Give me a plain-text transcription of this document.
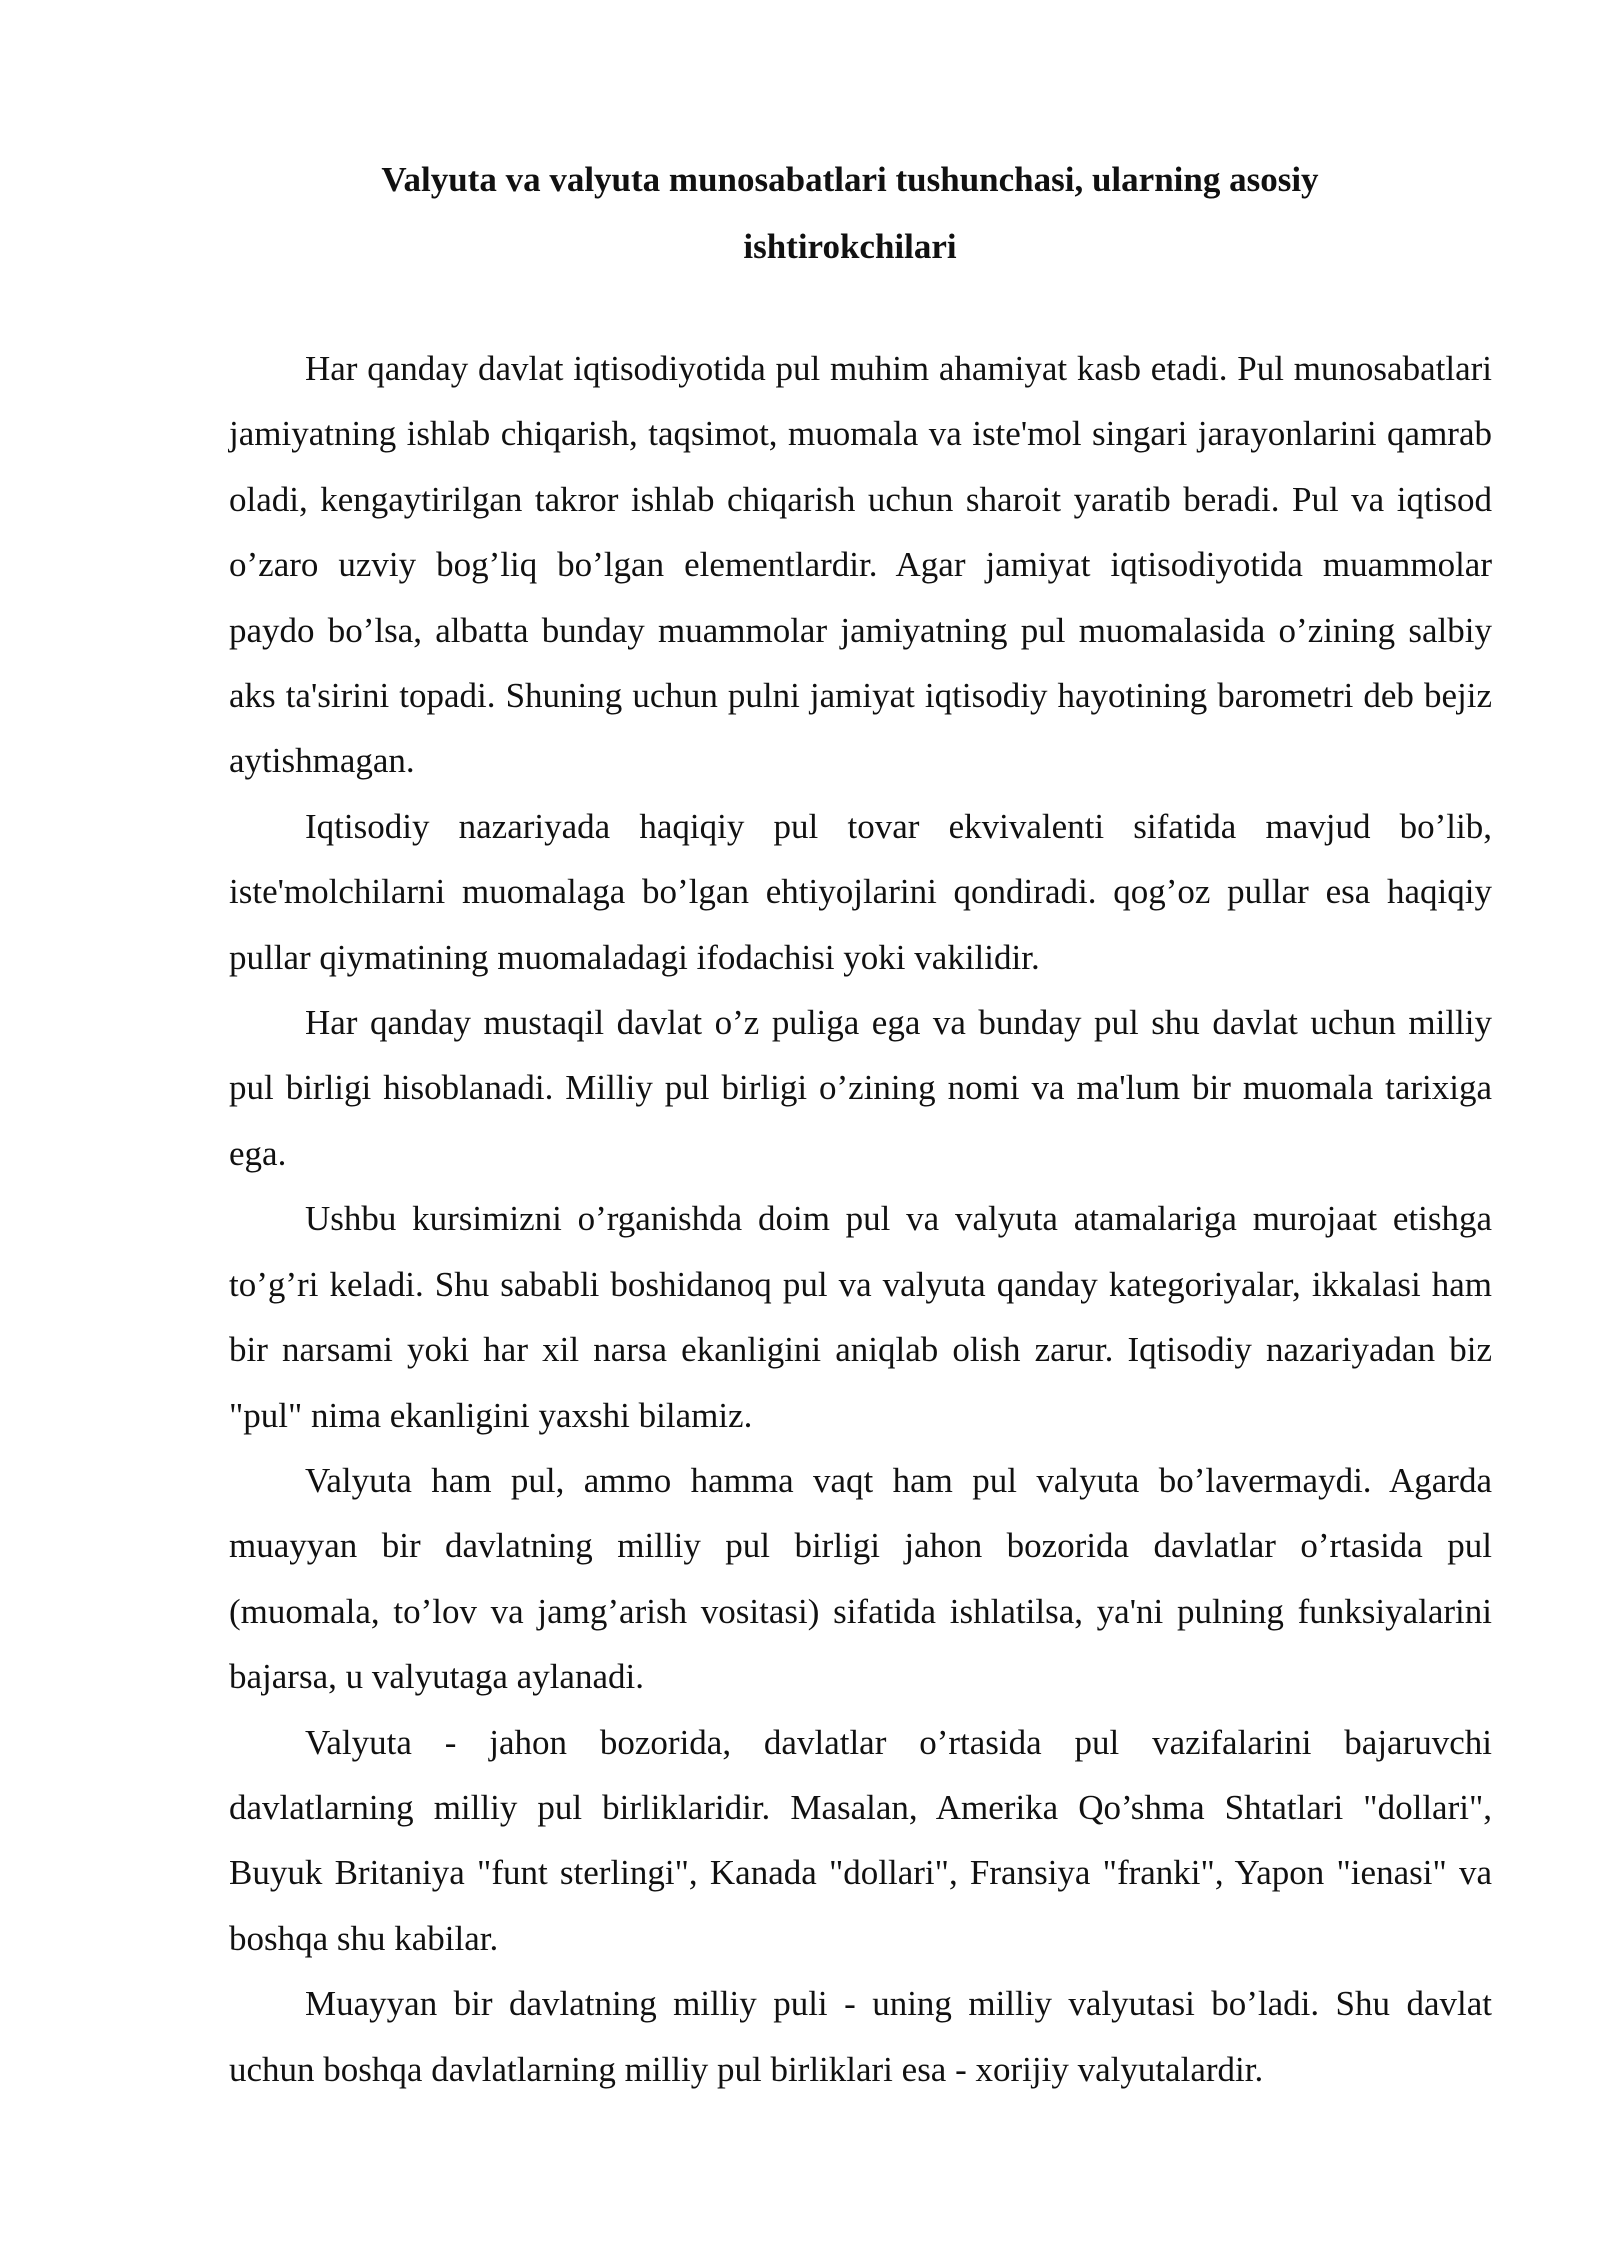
Valyuta va valyuta munosabatlari tushunchasi, ularning asosiy ishtirokchilari

Har qanday davlat iqtisodiyotida pul muhim ahamiyat kasb etadi. Pul munosabatlari jamiyatning ishlab chiqarish, taqsimot, muomala va iste'mol singari jarayonlarini qamrab oladi, kengaytirilgan takror ishlab chiqarish uchun sharoit yaratib beradi. Pul va iqtisod o’zaro uzviy bog’liq bo’lgan elementlardir. Agar jamiyat iqtisodiyotida muammolar paydo bo’lsa, albatta bunday muammolar jamiyatning pul muomalasida o’zining salbiy aks ta'sirini topadi. Shuning uchun pulni jamiyat iqtisodiy hayotining barometri deb bejiz aytishmagan.

Iqtisodiy nazariyada haqiqiy pul tovar ekvivalenti sifatida mavjud bo’lib, iste'molchilarni muomalaga bo’lgan ehtiyojlarini qondiradi. qog’oz pullar esa haqiqiy pullar qiymatining muomaladagi ifodachisi yoki vakilidir.

Har qanday mustaqil davlat o’z puliga ega va bunday pul shu davlat uchun milliy pul birligi hisoblanadi. Milliy pul birligi o’zining nomi va ma'lum bir muomala tarixiga ega.

Ushbu kursimizni o’rganishda doim pul va valyuta atamalariga murojaat etishga to’g’ri keladi. Shu sababli boshidanoq pul va valyuta qanday kategoriyalar, ikkalasi ham bir narsami yoki har xil narsa ekanligini aniqlab olish zarur. Iqtisodiy nazariyadan biz "pul" nima ekanligini yaxshi bilamiz.

Valyuta ham pul, ammo hamma vaqt ham pul valyuta bo’lavermaydi. Agarda muayyan bir davlatning milliy pul birligi jahon bozorida davlatlar o’rtasida pul (muomala, to’lov va jamg’arish vositasi) sifatida ishlatilsa, ya'ni pulning funksiyalarini bajarsa, u valyutaga aylanadi.

Valyuta - jahon bozorida, davlatlar o’rtasida pul vazifalarini bajaruvchi davlatlarning milliy pul birliklaridir. Masalan, Amerika Qo’shma Shtatlari "dollari", Buyuk Britaniya "funt sterlingi", Kanada "dollari", Fransiya "franki", Yapon "ienasi" va boshqa shu kabilar.

Muayyan bir davlatning milliy puli - uning milliy valyutasi bo’ladi. Shu davlat uchun boshqa davlatlarning milliy pul birliklari esa - xorijiy valyutalardir.
